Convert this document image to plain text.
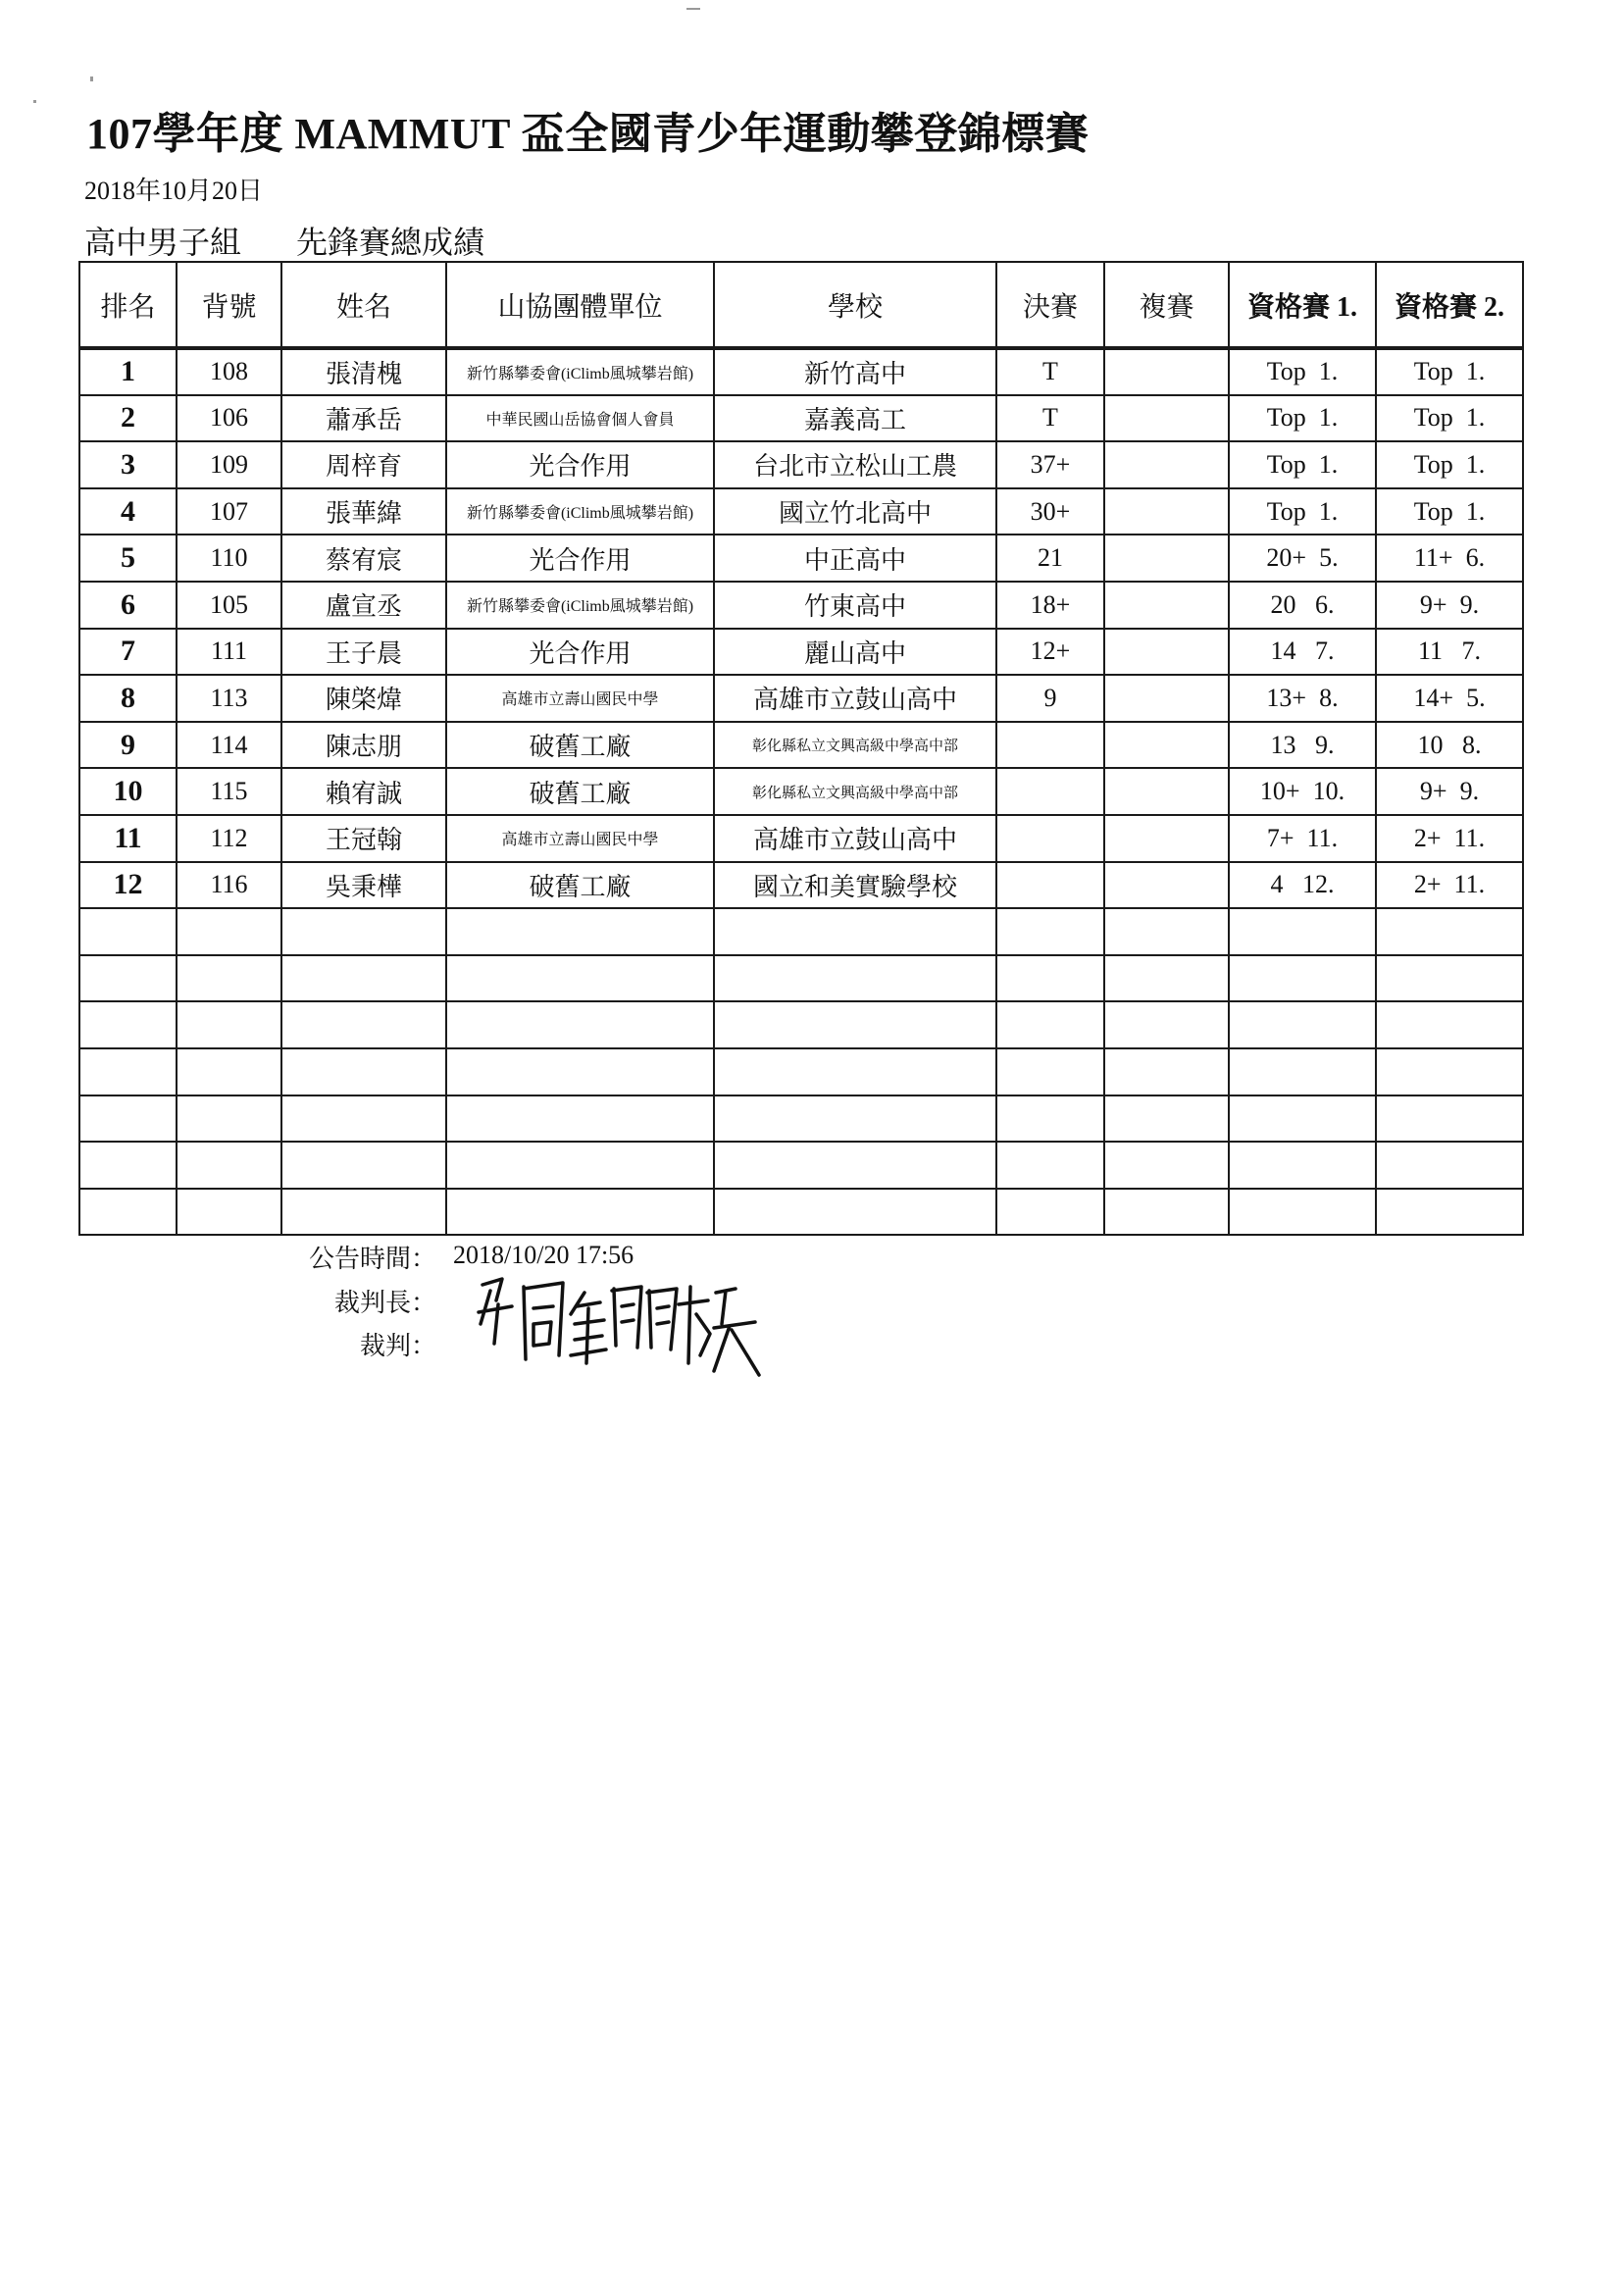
107學年度 MAMMUT 盃全國青少年運動攀登錦標賽
2018年10月20日
高中男子組 先鋒賽總成績
排名	背號	姓名	山協團體單位	學校	決賽	複賽	資格賽 1.	資格賽 2.
1	108	張清槐	新竹縣攀委會(iClimb風城攀岩館)	新竹高中	T		Top  1.	Top  1.
2	106	蕭承岳	中華民國山岳協會個人會員	嘉義高工	T		Top  1.	Top  1.
3	109	周梓育	光合作用	台北市立松山工農	37+		Top  1.	Top  1.
4	107	張華緯	新竹縣攀委會(iClimb風城攀岩館)	國立竹北高中	30+		Top  1.	Top  1.
5	110	蔡宥宸	光合作用	中正高中	21		20+  5.	11+  6.
6	105	盧宣丞	新竹縣攀委會(iClimb風城攀岩館)	竹東高中	18+		20   6.	9+  9.
7	111	王子晨	光合作用	麗山高中	12+		14   7.	11   7.
8	113	陳棨煒	高雄市立壽山國民中學	高雄市立鼓山高中	9		13+  8.	14+  5.
9	114	陳志朋	破舊工廠	彰化縣私立文興高級中學高中部			13   9.	10   8.
10	115	賴宥誠	破舊工廠	彰化縣私立文興高級中學高中部			10+  10.	9+  9.
11	112	王冠翰	高雄市立壽山國民中學	高雄市立鼓山高中			7+  11.	2+  11.
12	116	吳秉樺	破舊工廠	國立和美實驗學校			4   12.	2+  11.

公告時間： 2018/10/20 17:56
裁判長：
裁判：
